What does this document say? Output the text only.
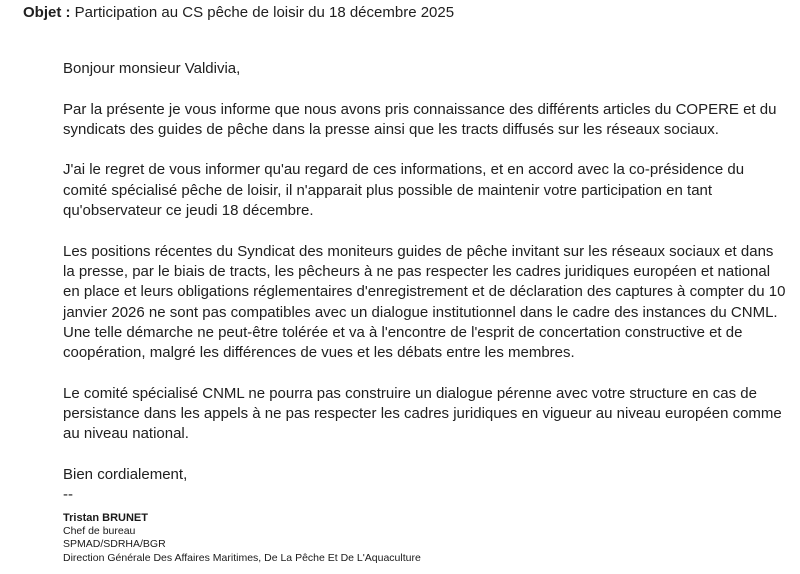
Objet : Participation au CS pêche de loisir du 18 décembre 2025

Bonjour monsieur Valdivia,

Par la présente je vous informe que nous avons pris connaissance des différents articles du COPERE et du syndicats des guides de pêche dans la presse ainsi que les tracts diffusés sur les réseaux sociaux.

J'ai le regret de vous informer qu'au regard de ces informations, et en accord avec la co-présidence du comité spécialisé pêche de loisir, il n'apparait plus possible de maintenir votre participation en tant qu'observateur ce jeudi 18 décembre.

Les positions récentes du Syndicat des moniteurs guides de pêche invitant sur les réseaux sociaux et dans la presse, par le biais de tracts, les pêcheurs à ne pas respecter les cadres juridiques européen et national en place et leurs obligations réglementaires d'enregistrement et de déclaration des captures à compter du 10 janvier 2026 ne sont pas compatibles avec un dialogue institutionnel dans le cadre des instances du CNML. Une telle démarche ne peut-être tolérée et va à l'encontre de l'esprit de concertation constructive et de coopération, malgré les différences de vues et les débats entre les membres.

Le comité spécialisé CNML ne pourra pas construire un dialogue pérenne avec votre structure en cas de persistance dans les appels à ne pas respecter les cadres juridiques en vigueur au niveau européen comme au niveau national.

Bien cordialement,

--

Tristan BRUNET
Chef de bureau
SPMAD/SDRHA/BGR
Direction Générale Des Affaires Maritimes, De La Pêche Et De L'Aquaculture
